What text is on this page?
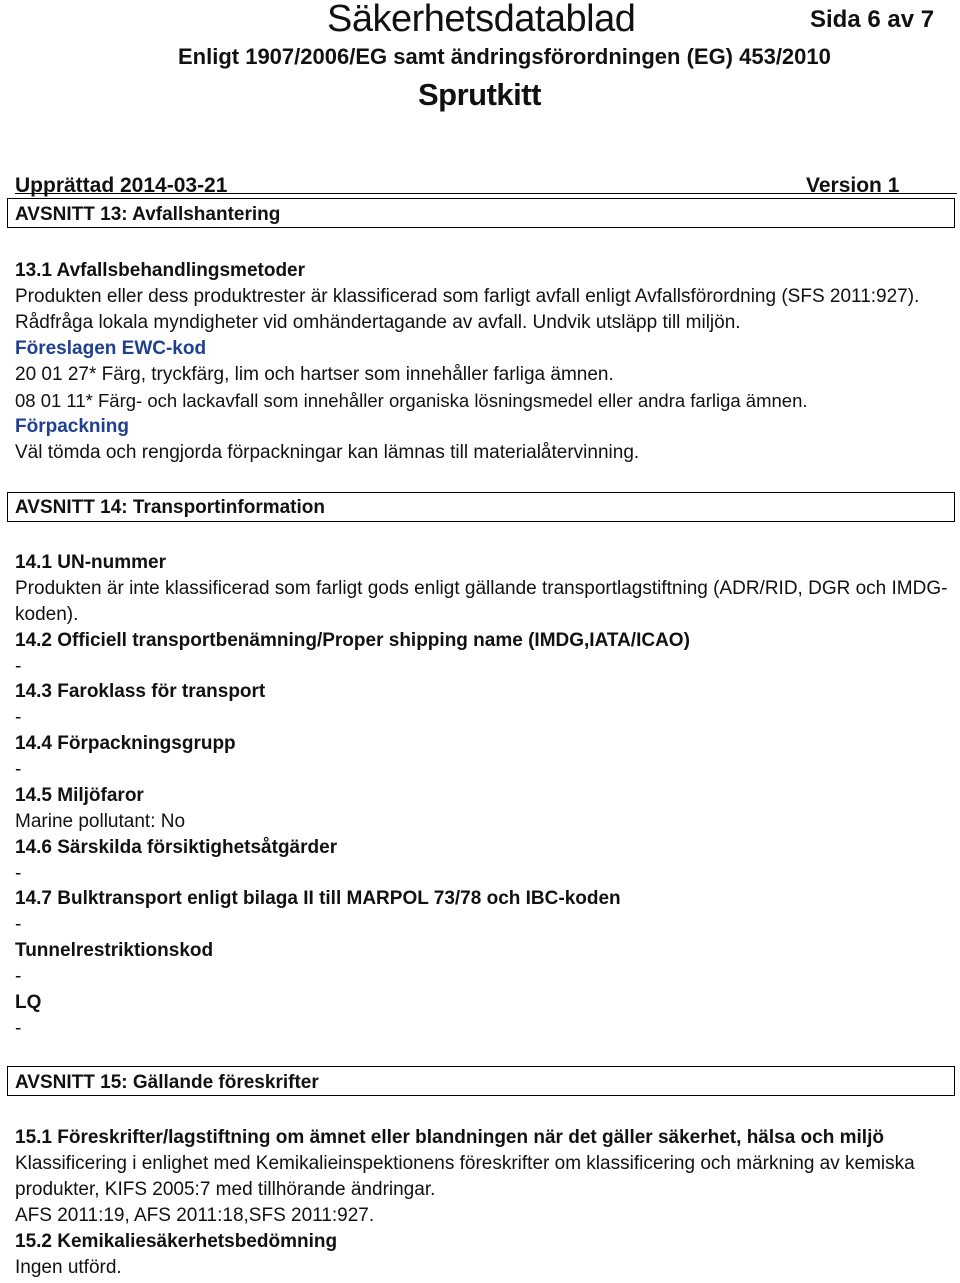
Säkerhetsdatablad	Sida 6 av 7
Enligt 1907/2006/EG samt ändringsförordningen (EG) 453/2010
Sprutkitt
Upprättad 2014-03-21	Version 1
AVSNITT 13: Avfallshantering
13.1 Avfallsbehandlingsmetoder
Produkten eller dess produktrester är klassificerad som farligt avfall enligt Avfallsförordning (SFS 2011:927).
Rådfråga lokala myndigheter vid omhändertagande av avfall. Undvik utsläpp till miljön.
Föreslagen EWC-kod
20 01 27* Färg, tryckfärg, lim och hartser som innehåller farliga ämnen.
08 01 11* Färg- och lackavfall som innehåller organiska lösningsmedel eller andra farliga ämnen.
Förpackning
Väl tömda och rengjorda förpackningar kan lämnas till materialåtervinning.
AVSNITT 14: Transportinformation
14.1 UN-nummer
Produkten är inte klassificerad som farligt gods enligt gällande transportlagstiftning (ADR/RID, DGR och IMDG-
koden).
14.2 Officiell transportbenämning/Proper shipping name (IMDG,IATA/ICAO)
-
14.3 Faroklass för transport
-
14.4 Förpackningsgrupp
-
14.5 Miljöfaror
Marine pollutant: No
14.6 Särskilda försiktighetsåtgärder
-
14.7 Bulktransport enligt bilaga II till MARPOL 73/78 och IBC-koden
-
Tunnelrestriktionskod
-
LQ
-
AVSNITT 15: Gällande föreskrifter
15.1 Föreskrifter/lagstiftning om ämnet eller blandningen när det gäller säkerhet, hälsa och miljö
Klassificering i enlighet med Kemikalieinspektionens föreskrifter om klassificering och märkning av kemiska
produkter, KIFS 2005:7 med tillhörande ändringar.
AFS 2011:19, AFS 2011:18,SFS 2011:927.
15.2 Kemikaliesäkerhetsbedömning
Ingen utförd.
